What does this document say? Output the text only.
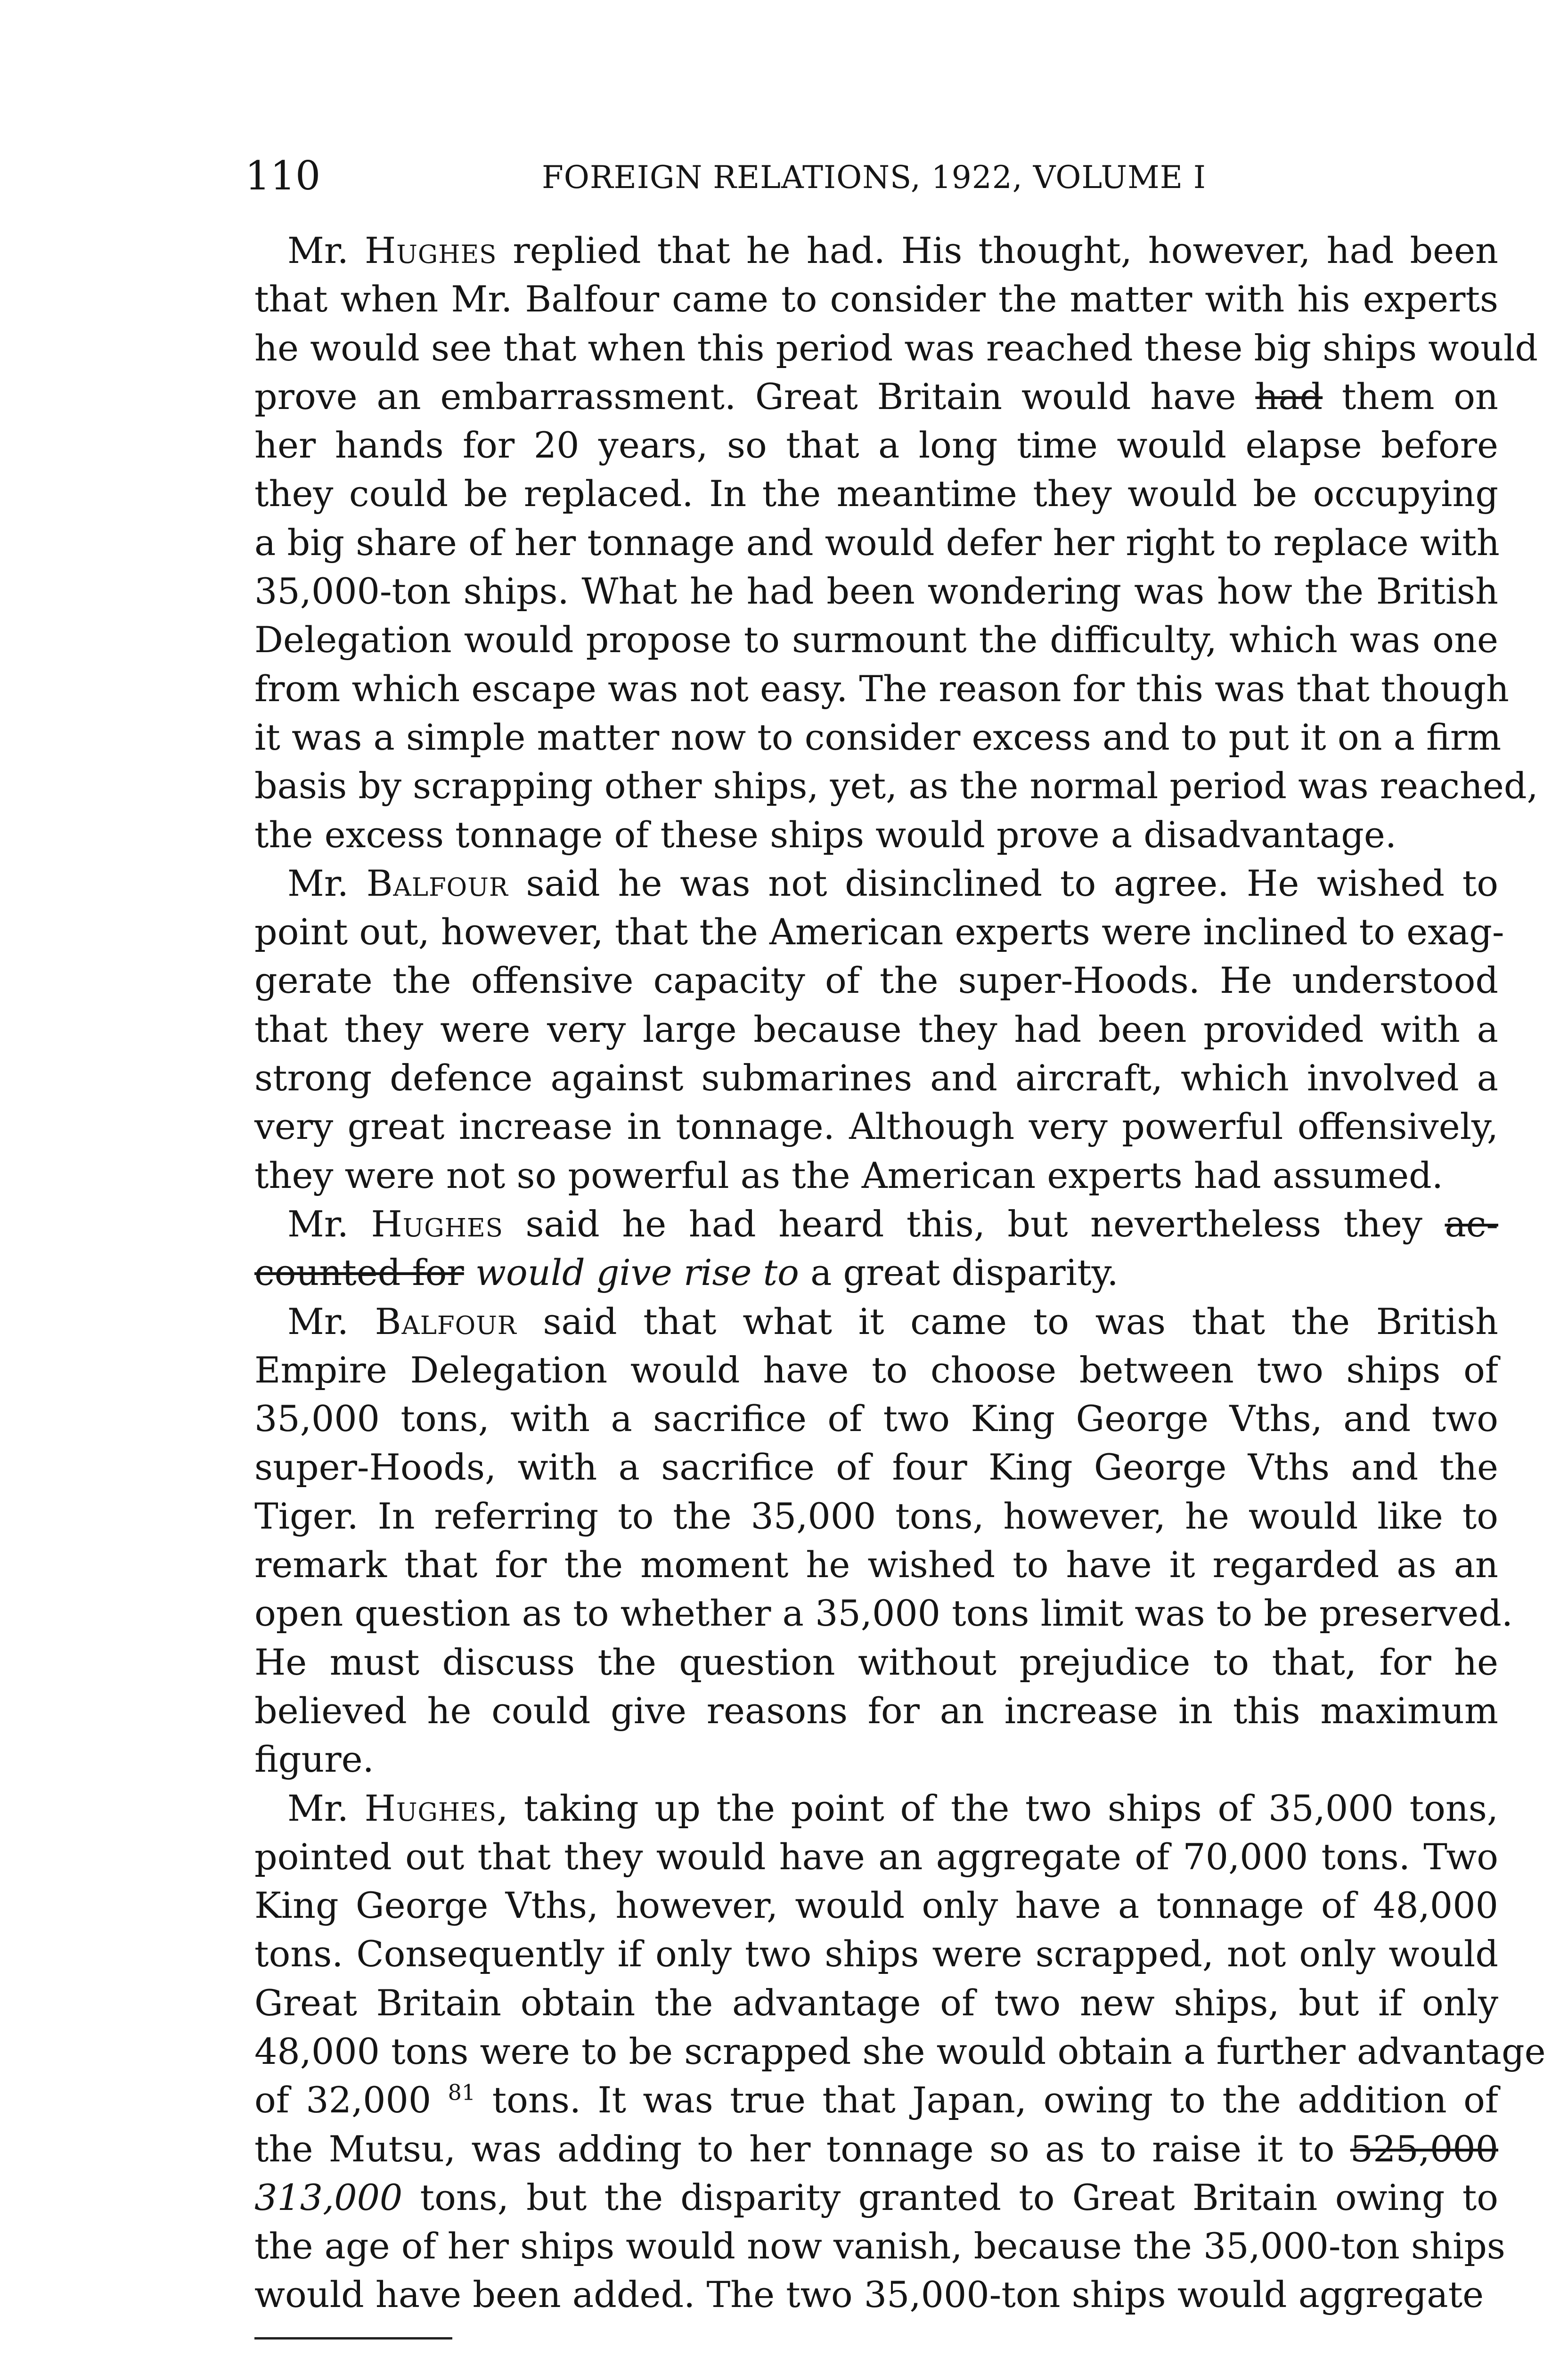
110	FOREIGN RELATIONS, 1922, VOLUME I
Mr. Hughes replied that he had. His thought, however, had been
that when Mr. Balfour came to consider the matter with his experts
he would see that when this period was reached these big ships would
prove an embarrassment. Great Britain would have had them on
her hands for 20 years, so that a long time would elapse before
they could be replaced. In the meantime they would be occupying
a big share of her tonnage and would defer her right to replace with
35,000-ton ships. What he had been wondering was how the British
Delegation would propose to surmount the difficulty, which was one
from which escape was not easy. The reason for this was that though
it was a simple matter now to consider excess and to put it on a firm
basis by scrapping other ships, yet, as the normal period was reached,
the excess tonnage of these ships would prove a disadvantage.
Mr. Balfour said he was not disinclined to agree. He wished to
point out, however, that the American experts were inclined to exag-
gerate the offensive capacity of the super-Hoods. He understood
that they were very large because they had been provided with a
strong defence against submarines and aircraft, which involved a
very great increase in tonnage. Although very powerful offensively,
they were not so powerful as the American experts had assumed.
Mr. Hughes said he had heard this, but nevertheless they ac-
counted for would give rise to a great disparity.
Mr. Balfour said that what it came to was that the British
Empire Delegation would have to choose between two ships of
35,000 tons, with a sacrifice of two King George Vths, and two
super-Hoods, with a sacrifice of four King George Vths and the
Tiger. In referring to the 35,000 tons, however, he would like to
remark that for the moment he wished to have it regarded as an
open question as to whether a 35,000 tons limit was to be preserved.
He must discuss the question without prejudice to that, for he
believed he could give reasons for an increase in this maximum
figure.
Mr. Hughes, taking up the point of the two ships of 35,000 tons,
pointed out that they would have an aggregate of 70,000 tons. Two
King George Vths, however, would only have a tonnage of 48,000
tons. Consequently if only two ships were scrapped, not only would
Great Britain obtain the advantage of two new ships, but if only
48,000 tons were to be scrapped she would obtain a further advantage
of 32,000 $^{81}$ tons. It was true that Japan, owing to the addition of
the Mutsu, was adding to her tonnage so as to raise it to 525,000
313,000 tons, but the disparity granted to Great Britain owing to
the age of her ships would now vanish, because the 35,000-ton ships
would have been added. The two 35,000-ton ships would aggregate
